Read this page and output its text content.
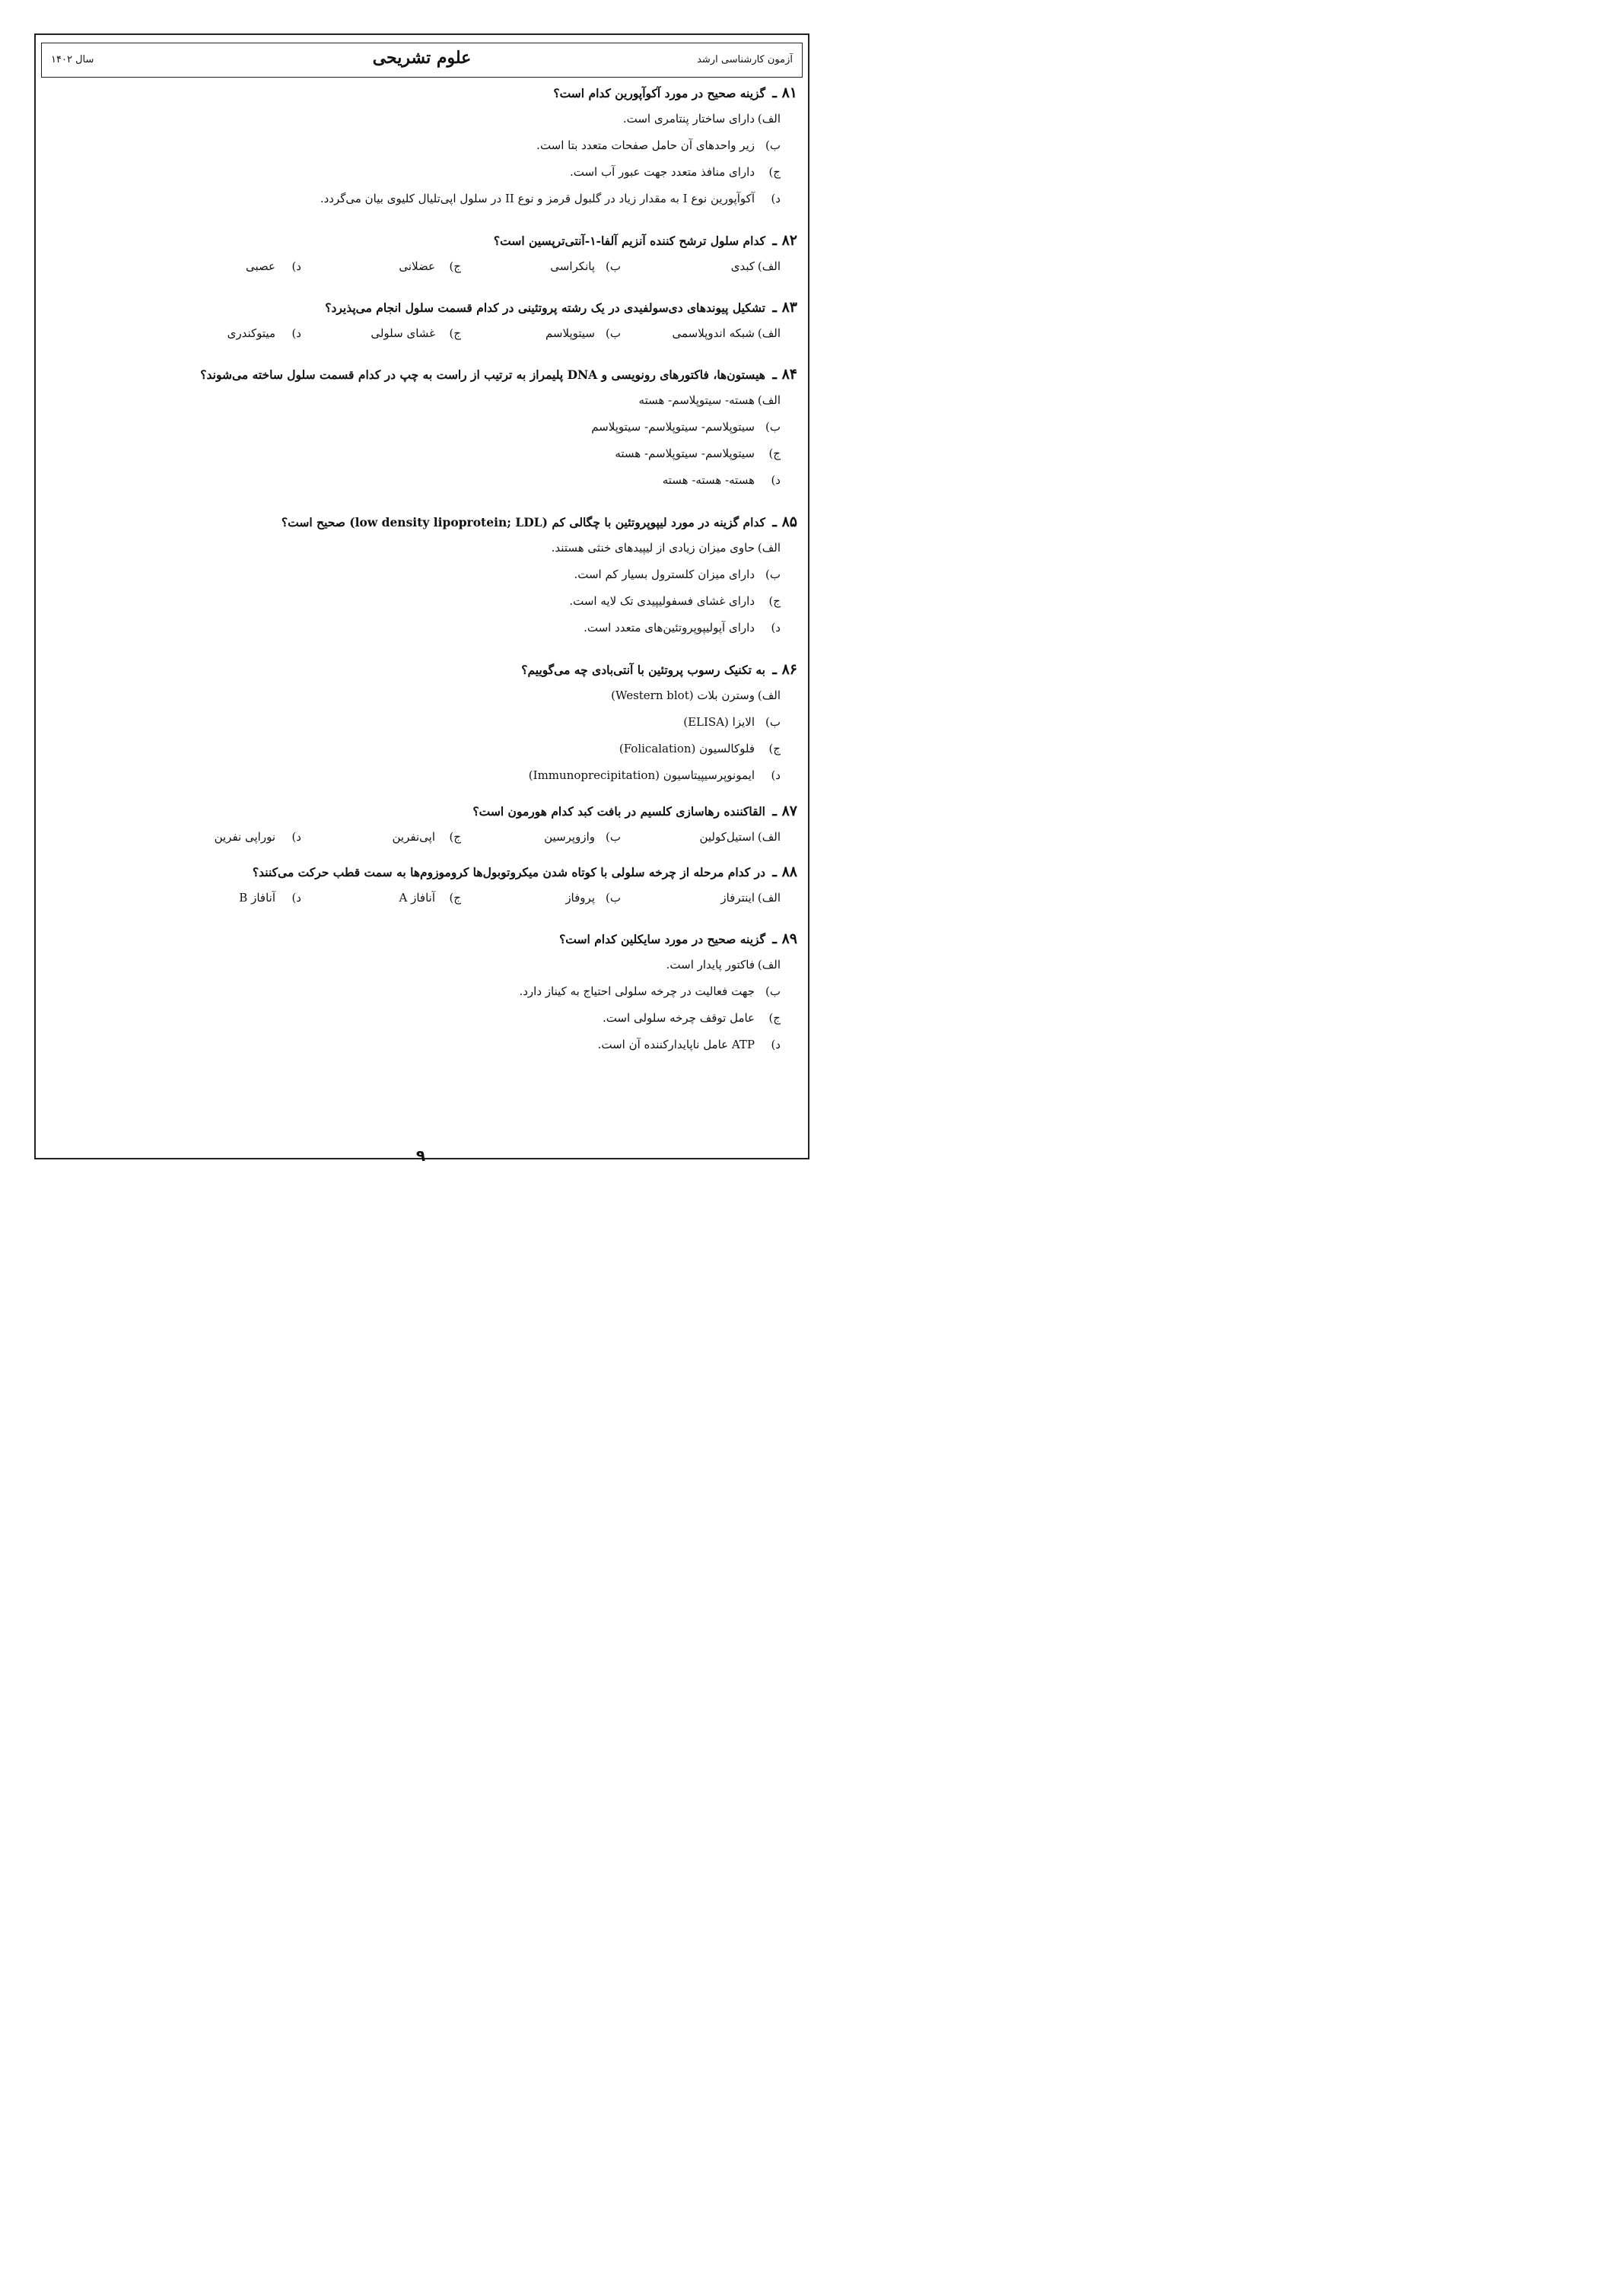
آزمون کارشناسی ارشد
علوم تشریحی
سال ۱۴۰۲
۸۱ ـ گزینه صحیح در مورد آکوآپورین کدام است؟
الف)
دارای ساختار پنتامری است.
ب)
زیر واحدهای آن حامل صفحات متعدد بتا است.
ج)
دارای منافذ متعدد جهت عبور آب است.
د)
آکوآپورین نوع I به مقدار زیاد در گلبول قرمز و نوع II در سلول اپی‌تلیال کلیوی بیان می‌گردد.
۸۲ ـ کدام سلول ترشح کننده آنزیم آلفا-۱-آنتی‌ترپسین است؟
الف)
کبدی
ب)
پانکراسی
ج)
عضلانی
د)
عصبی
۸۳ ـ تشکیل پیوندهای دی‌سولفیدی در یک رشته پروتئینی در کدام قسمت سلول انجام می‌پذیرد؟
الف)
شبکه اندوپلاسمی
ب)
سیتوپلاسم
ج)
غشای سلولی
د)
میتوکندری
۸۴ ـ هیستون‌ها، فاکتورهای رونویسی و DNA پلیمراز به ترتیب از راست به چپ در کدام قسمت سلول ساخته می‌شوند؟
الف)
هسته- سیتوپلاسم- هسته
ب)
سیتوپلاسم- سیتوپلاسم- سیتوپلاسم
ج)
سیتوپلاسم- سیتوپلاسم- هسته
د)
هسته- هسته- هسته
۸۵ ـ کدام گزینه در مورد لیپوپروتئین با چگالی کم (low density lipoprotein; LDL) صحیح است؟
الف)
حاوی میزان زیادی از لیپیدهای خنثی هستند.
ب)
دارای میزان کلسترول بسیار کم است.
ج)
دارای غشای فسفولیپیدی تک لایه است.
د)
دارای آپولیپوپروتئین‌های متعدد است.
۸۶ ـ به تکنیک رسوب پروتئین با آنتی‌بادی چه می‌گوییم؟
الف)
وسترن بلات (Western blot)
ب)
الایزا (ELISA)
ج)
فلوکالسیون (Folicalation)
د)
ایمونوپرسیپیتاسیون (Immunoprecipitation)
۸۷ ـ القاکننده رهاسازی کلسیم در بافت کبد کدام هورمون است؟
الف)
استیل‌کولین
ب)
وازوپرسین
ج)
اپی‌نفرین
د)
نوراپی نفرین
۸۸ ـ در کدام مرحله از چرخه سلولی با کوتاه شدن میکروتوبول‌ها کروموزوم‌ها به سمت قطب حرکت می‌کنند؟
الف)
اینترفاز
ب)
پروفاز
ج)
آنافاز A
د)
آنافاز B
۸۹ ـ گزینه صحیح در مورد سایکلین کدام است؟
الف)
فاکتور پایدار است.
ب)
جهت فعالیت در چرخه سلولی احتیاج به کیناز دارد.
ج)
عامل توقف چرخه سلولی است.
د)
ATP عامل ناپایدارکننده آن است.
۹
